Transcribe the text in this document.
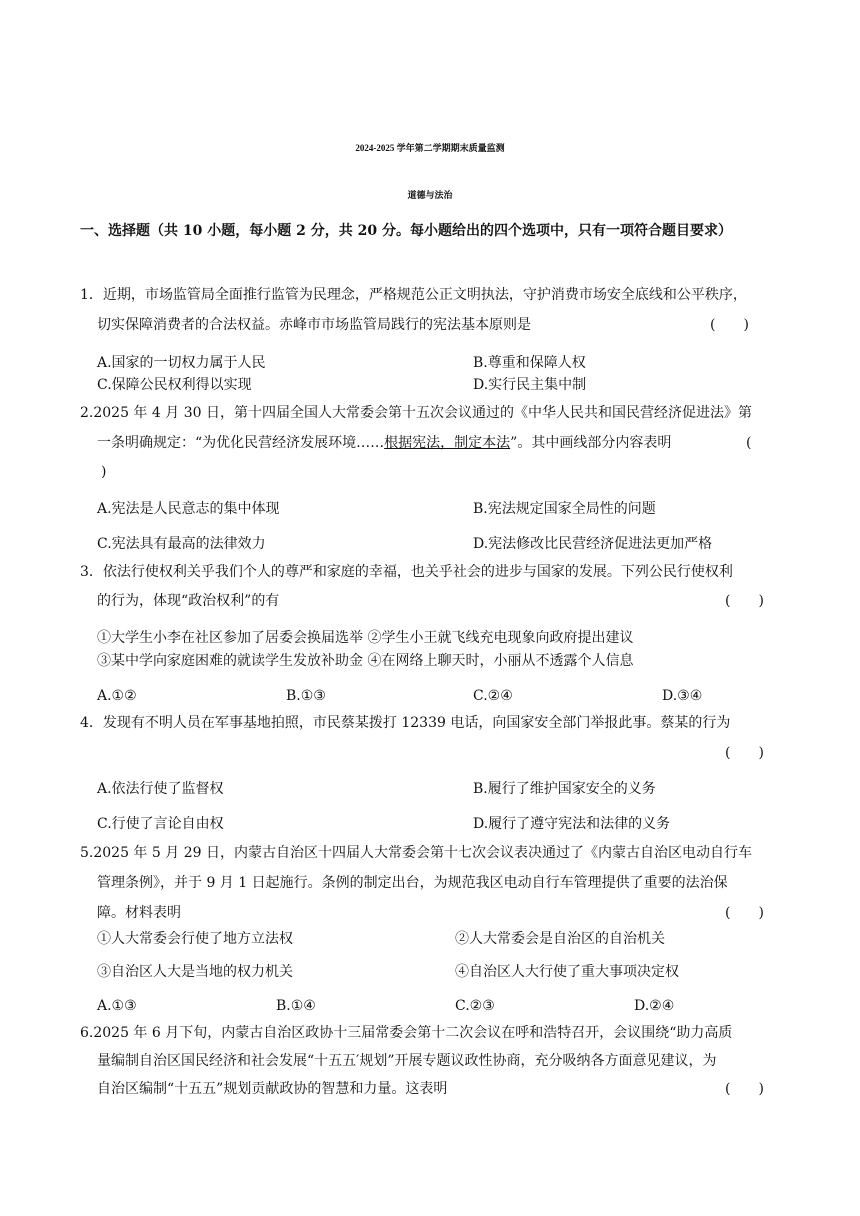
2024-2025 学年第二学期期末质量监测
道德与法治
一、选择题（共 10 小题，每小题 2 分，共 20 分。每小题给出的四个选项中，只有一项符合题目要求）
1．近期，市场监管局全面推行监管为民理念，严格规范公正文明执法，守护消费市场安全底线和公平秩序，
切实保障消费者的合法权益。赤峰市市场监管局践行的宪法基本原则是	(　　)
A.国家的一切权力属于人民	B.尊重和保障人权
C.保障公民权利得以实现	D.实行民主集中制
2.2025 年 4 月 30 日，第十四届全国人大常委会第十五次会议通过的《中华人民共和国民营经济促进法》第
一条明确规定：“为优化民营经济发展环境……根据宪法，制定本法”。其中画线部分内容表明	(
)
A.宪法是人民意志的集中体现	B.宪法规定国家全局性的问题
C.宪法具有最高的法律效力	D.宪法修改比民营经济促进法更加严格
3．依法行使权利关乎我们个人的尊严和家庭的幸福，也关乎社会的进步与国家的发展。下列公民行使权利
的行为，体现“政治权利”的有	(　　)
①大学生小李在社区参加了居委会换届选举 ②学生小王就飞线充电现象向政府提出建议
③某中学向家庭困难的就读学生发放补助金 ④在网络上聊天时，小丽从不透露个人信息
A.①②	B.①③	C.②④	D.③④
4．发现有不明人员在军事基地拍照，市民蔡某拨打 12339 电话，向国家安全部门举报此事。蔡某的行为
(　　)
A.依法行使了监督权	B.履行了维护国家安全的义务
C.行使了言论自由权	D.履行了遵守宪法和法律的义务
5.2025 年 5 月 29 日，内蒙古自治区十四届人大常委会第十七次会议表决通过了《内蒙古自治区电动自行车
管理条例》，并于 9 月 1 日起施行。条例的制定出台，为规范我区电动自行车管理提供了重要的法治保
障。材料表明	(　　)
①人大常委会行使了地方立法权	②人大常委会是自治区的自治机关
③自治区人大是当地的权力机关	④自治区人大行使了重大事项决定权
A.①③	B.①④	C.②③	D.②④
6.2025 年 6 月下旬，内蒙古自治区政协十三届常委会第十二次会议在呼和浩特召开，会议围绕“助力高质
量编制自治区国民经济和社会发展“十五五′规划”开展专题议政性协商，充分吸纳各方面意见建议，为
自治区编制“十五五”规划贡献政协的智慧和力量。这表明	(　　)
